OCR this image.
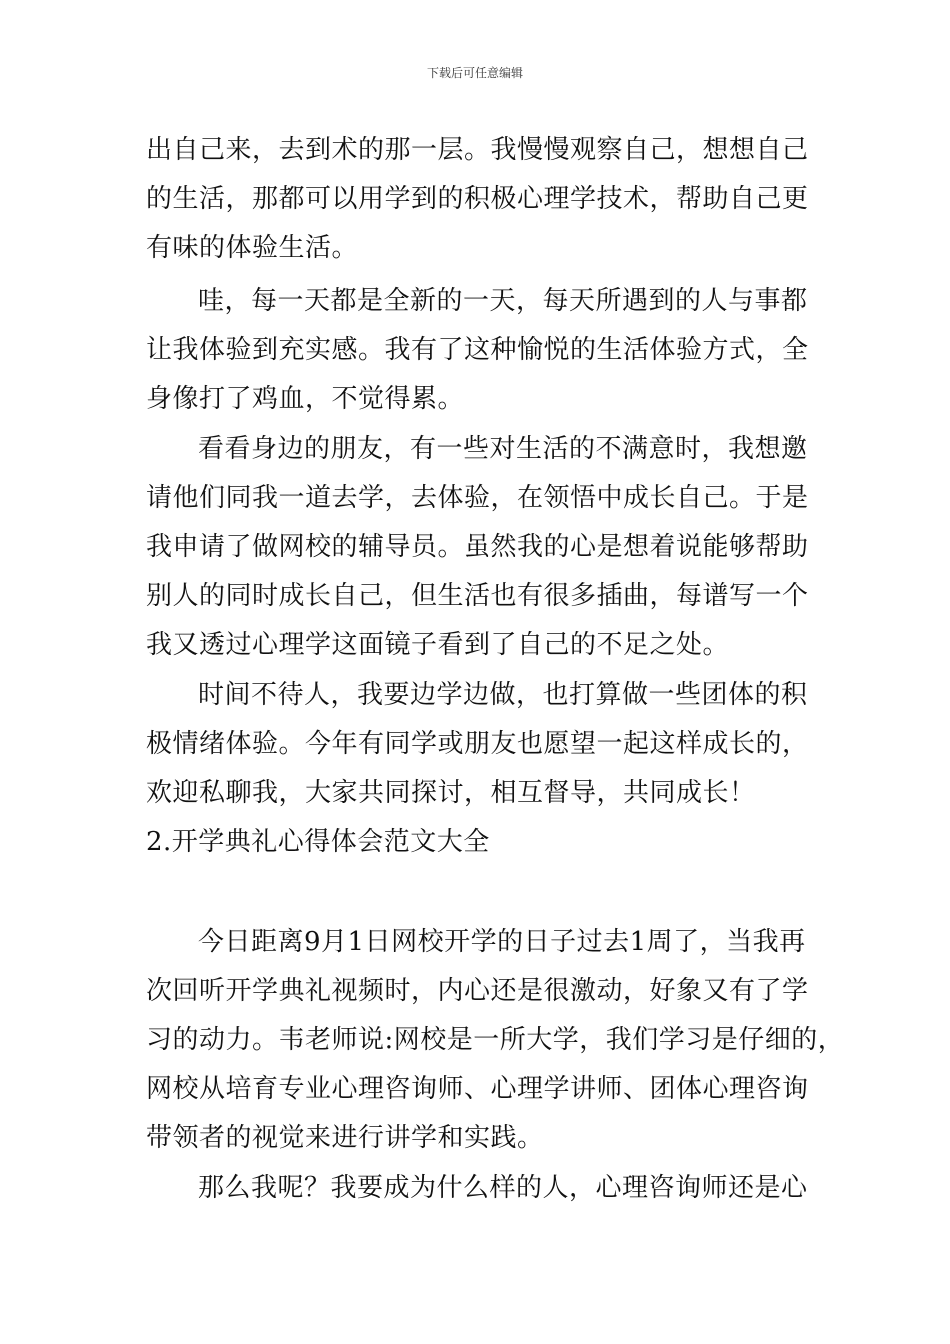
下载后可任意编辑
出自己来，去到术的那一层。我慢慢观察自己，想想自己
的生活，那都可以用学到的积极心理学技术，帮助自己更
有味的体验生活。
哇，每一天都是全新的一天，每天所遇到的人与事都
让我体验到充实感。我有了这种愉悦的生活体验方式，全
身像打了鸡血，不觉得累。
看看身边的朋友，有一些对生活的不满意时，我想邀
请他们同我一道去学，去体验，在领悟中成长自己。于是
我申请了做网校的辅导员。虽然我的心是想着说能够帮助
别人的同时成长自己，但生活也有很多插曲，每谱写一个
我又透过心理学这面镜子看到了自己的不足之处。
时间不待人，我要边学边做，也打算做一些团体的积
极情绪体验。今年有同学或朋友也愿望一起这样成长的，
欢迎私聊我，大家共同探讨，相互督导，共同成长！
2.开学典礼心得体会范文大全
今日距离9月1日网校开学的日子过去1周了，当我再
次回听开学典礼视频时，内心还是很激动，好象又有了学
习的动力。韦老师说:网校是一所大学，我们学习是仔细的，
网校从培育专业心理咨询师、心理学讲师、团体心理咨询
带领者的视觉来进行讲学和实践。
那么我呢？我要成为什么样的人，心理咨询师还是心
